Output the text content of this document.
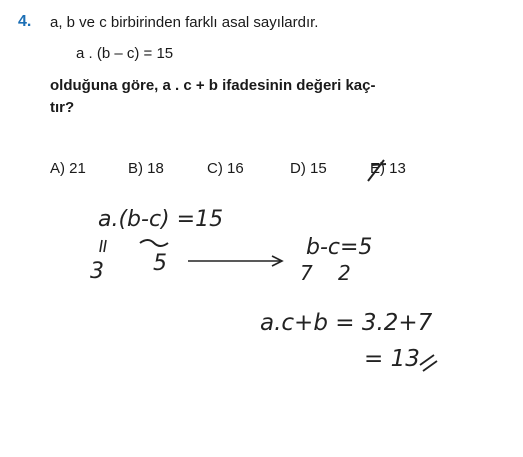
4. a, b ve c birbirinden farklı asal sayılardır.
a . (b – c) = 15
olduğuna göre, a . c + b ifadesinin değeri kaç-
tır?
A) 21	B) 18	C) 16	D) 15	E) 13
a.(b-c) =15
3 5
b-c=5
7 2
a.c+b = 3.2+7
= 13
